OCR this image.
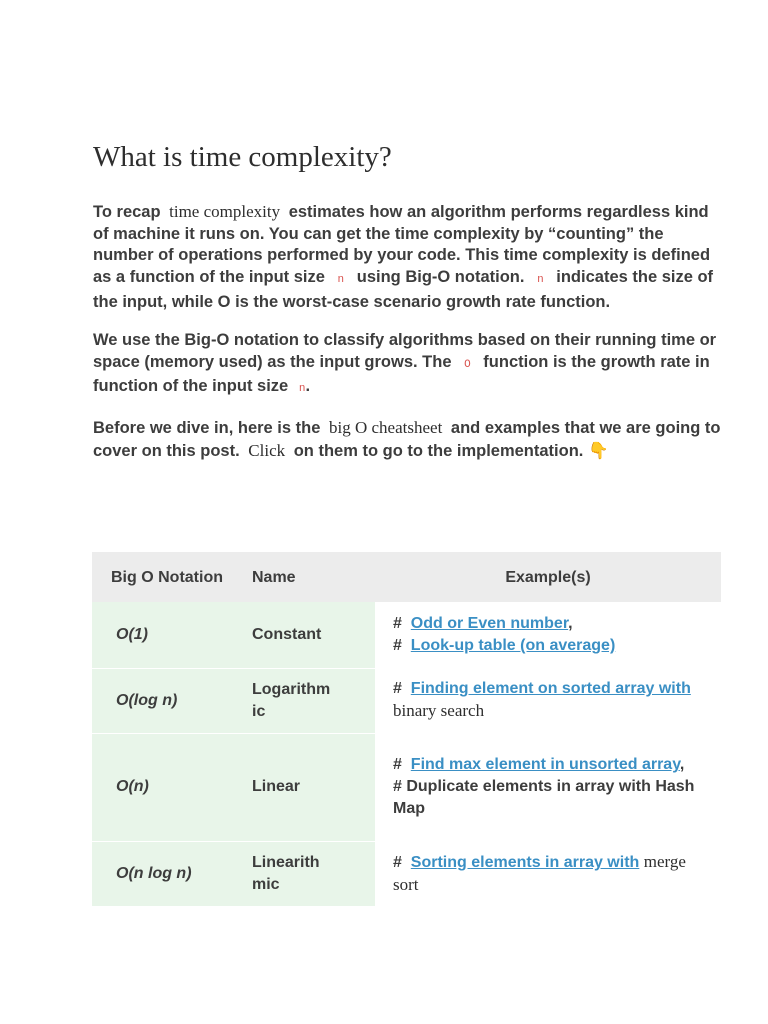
What is time complexity?

To recap time complexity estimates how an algorithm performs regardless kind of machine it runs on. You can get the time complexity by “counting” the number of operations performed by your code. This time complexity is defined as a function of the input size n using Big-O notation. n indicates the size of the input, while O is the worst-case scenario growth rate function.

We use the Big-O notation to classify algorithms based on their running time or space (memory used) as the input grows. The O function is the growth rate in function of the input size n.

Before we dive in, here is the big O cheatsheet and examples that we are going to cover on this post. Click on them to go to the implementation. 👇

Big O Notation	Name	Example(s)
O(1)	Constant	# Odd or Even number,
# Look-up table (on average)
O(log n)	Logarithmic	# Finding element on sorted array with binary search
O(n)	Linear	# Find max element in unsorted array,
# Duplicate elements in array with Hash Map
O(n log n)	Linearithmic	# Sorting elements in array with merge sort
